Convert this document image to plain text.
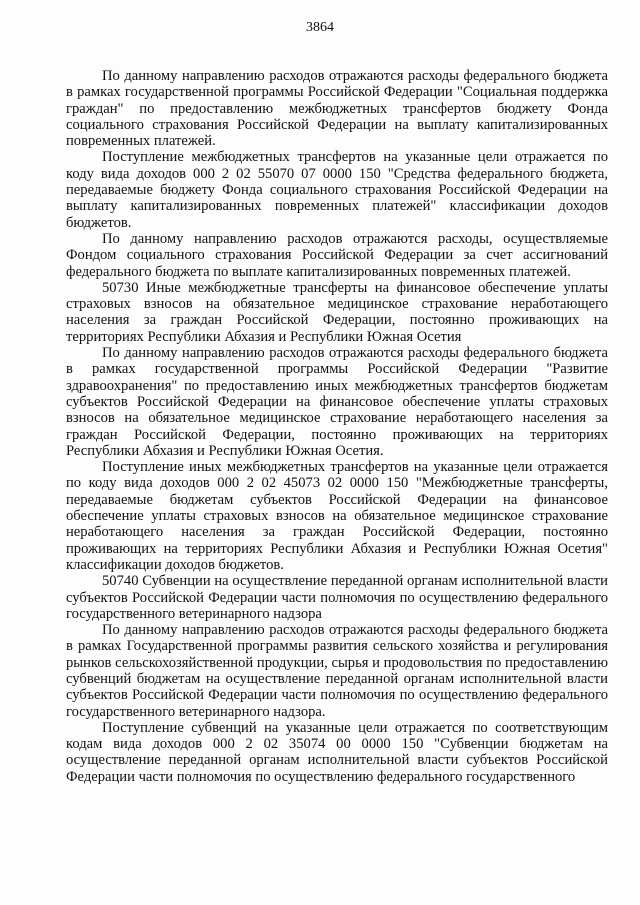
3864

По данному направлению расходов отражаются расходы федерального бюджета в рамках государственной программы Российской Федерации "Социальная поддержка граждан" по предоставлению межбюджетных трансфертов бюджету Фонда социального страхования Российской Федерации на выплату капитализированных повременных платежей.

Поступление межбюджетных трансфертов на указанные цели отражается по коду вида доходов 000 2 02 55070 07 0000 150 "Средства федерального бюджета, передаваемые бюджету Фонда социального страхования Российской Федерации на выплату капитализированных повременных платежей" классификации доходов бюджетов.

По данному направлению расходов отражаются расходы, осуществляемые Фондом социального страхования Российской Федерации за счет ассигнований федерального бюджета по выплате капитализированных повременных платежей.

50730 Иные межбюджетные трансферты на финансовое обеспечение уплаты страховых взносов на обязательное медицинское страхование неработающего населения за граждан Российской Федерации, постоянно проживающих на территориях Республики Абхазия и Республики Южная Осетия

По данному направлению расходов отражаются расходы федерального бюджета в рамках государственной программы Российской Федерации "Развитие здравоохранения" по предоставлению иных межбюджетных трансфертов бюджетам субъектов Российской Федерации на финансовое обеспечение уплаты страховых взносов на обязательное медицинское страхование неработающего населения за граждан Российской Федерации, постоянно проживающих на территориях Республики Абхазия и Республики Южная Осетия.

Поступление иных межбюджетных трансфертов на указанные цели отражается по коду вида доходов 000 2 02 45073 02 0000 150 "Межбюджетные трансферты, передаваемые бюджетам субъектов Российской Федерации на финансовое обеспечение уплаты страховых взносов на обязательное медицинское страхование неработающего населения за граждан Российской Федерации, постоянно проживающих на территориях Республики Абхазия и Республики Южная Осетия" классификации доходов бюджетов.

50740 Субвенции на осуществление переданной органам исполнительной власти субъектов Российской Федерации части полномочия по осуществлению федерального государственного ветеринарного надзора

По данному направлению расходов отражаются расходы федерального бюджета в рамках Государственной программы развития сельского хозяйства и регулирования рынков сельскохозяйственной продукции, сырья и продовольствия по предоставлению субвенций бюджетам на осуществление переданной органам исполнительной власти субъектов Российской Федерации части полномочия по осуществлению федерального государственного ветеринарного надзора.

Поступление субвенций на указанные цели отражается по соответствующим кодам вида доходов 000 2 02 35074 00 0000 150 "Субвенции бюджетам на осуществление переданной органам исполнительной власти субъектов Российской Федерации части полномочия по осуществлению федерального государственного
